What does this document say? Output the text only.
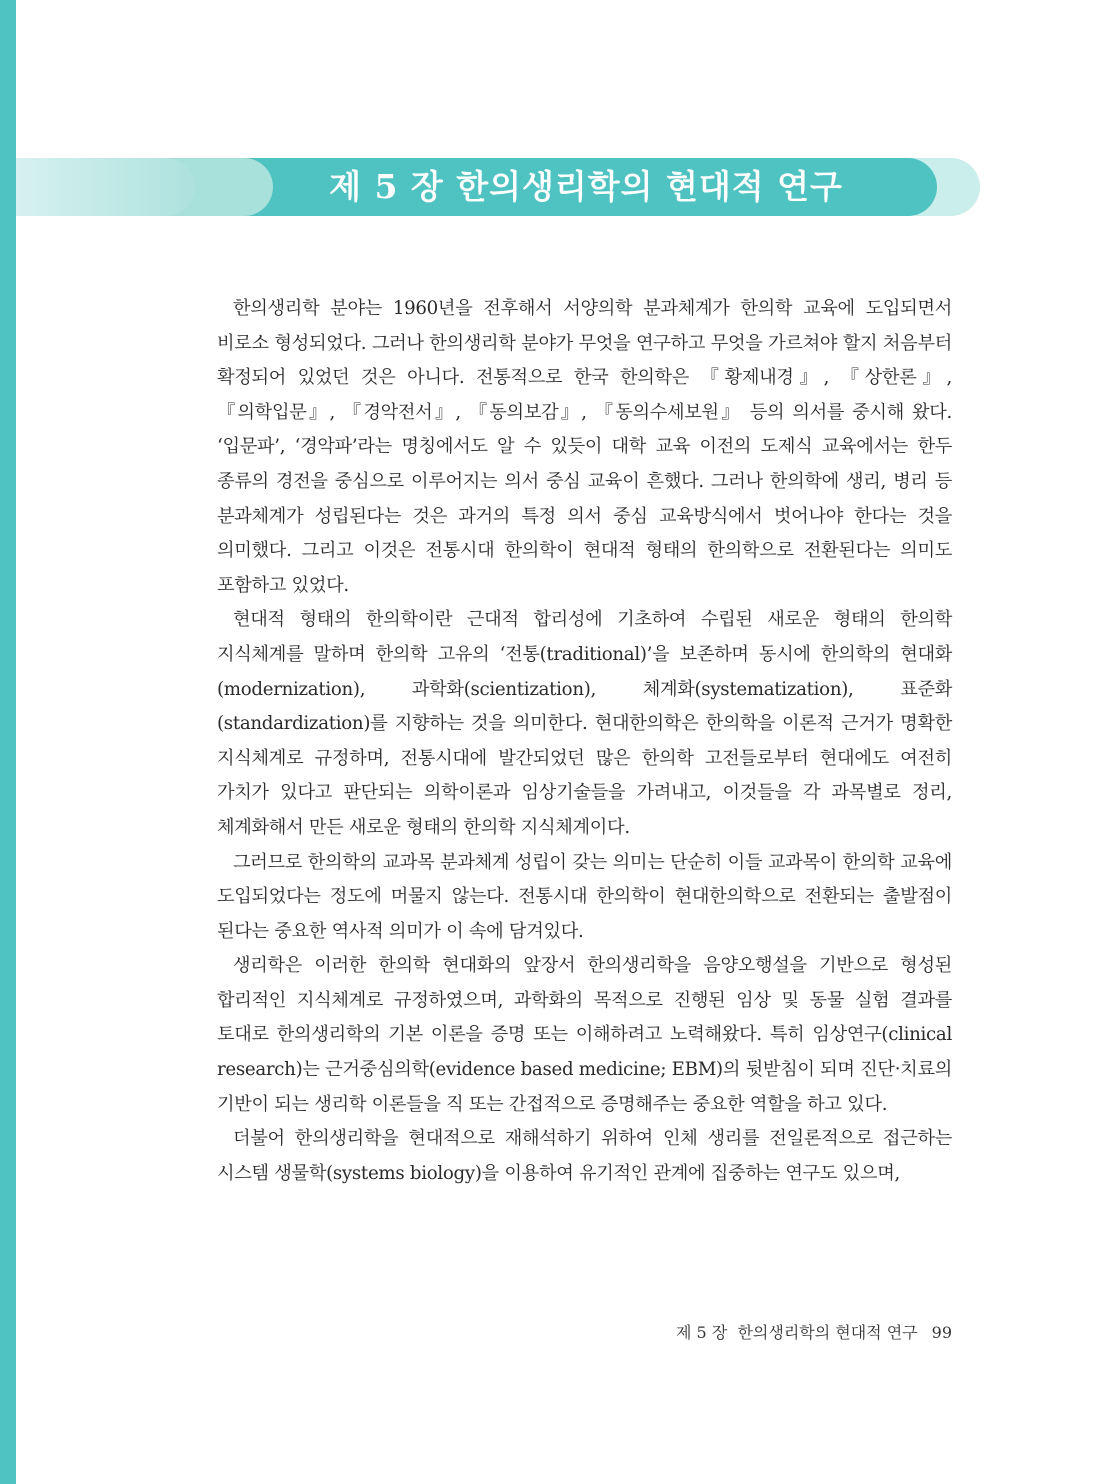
제 5 장 한의생리학의 현대적 연구

한의생리학 분야는 1960년을 전후해서 서양의학 분과체계가 한의학 교육에 도입되면서 비로소 형성되었다. 그러나 한의생리학 분야가 무엇을 연구하고 무엇을 가르쳐야 할지 처음부터 확정되어 있었던 것은 아니다. 전통적으로 한국 한의학은 『황제내경』, 『상한론』, 『의학입문』, 『경악전서』, 『동의보감』, 『동의수세보원』 등의 의서를 중시해 왔다. ‘입문파’, ‘경악파’라는 명칭에서도 알 수 있듯이 대학 교육 이전의 도제식 교육에서는 한두 종류의 경전을 중심으로 이루어지는 의서 중심 교육이 흔했다. 그러나 한의학에 생리, 병리 등 분과체계가 성립된다는 것은 과거의 특정 의서 중심 교육방식에서 벗어나야 한다는 것을 의미했다. 그리고 이것은 전통시대 한의학이 현대적 형태의 한의학으로 전환된다는 의미도 포함하고 있었다.

현대적 형태의 한의학이란 근대적 합리성에 기초하여 수립된 새로운 형태의 한의학 지식체계를 말하며 한의학 고유의 ‘전통(traditional)’을 보존하며 동시에 한의학의 현대화(modernization), 과학화(scientization), 체계화(systematization), 표준화(standardization)를 지향하는 것을 의미한다. 현대한의학은 한의학을 이론적 근거가 명확한 지식체계로 규정하며, 전통시대에 발간되었던 많은 한의학 고전들로부터 현대에도 여전히 가치가 있다고 판단되는 의학이론과 임상기술들을 가려내고, 이것들을 각 과목별로 정리, 체계화해서 만든 새로운 형태의 한의학 지식체계이다.

그러므로 한의학의 교과목 분과체계 성립이 갖는 의미는 단순히 이들 교과목이 한의학 교육에 도입되었다는 정도에 머물지 않는다. 전통시대 한의학이 현대한의학으로 전환되는 출발점이 된다는 중요한 역사적 의미가 이 속에 담겨있다.

생리학은 이러한 한의학 현대화의 앞장서 한의생리학을 음양오행설을 기반으로 형성된 합리적인 지식체계로 규정하였으며, 과학화의 목적으로 진행된 임상 및 동물 실험 결과를 토대로 한의생리학의 기본 이론을 증명 또는 이해하려고 노력해왔다. 특히 임상연구(clinical research)는 근거중심의학(evidence based medicine; EBM)의 뒷받침이 되며 진단·치료의 기반이 되는 생리학 이론들을 직 또는 간접적으로 증명해주는 중요한 역할을 하고 있다.

더불어 한의생리학을 현대적으로 재해석하기 위하여 인체 생리를 전일론적으로 접근하는 시스템 생물학(systems biology)을 이용하여 유기적인 관계에 집중하는 연구도 있으며,

제 5 장  한의생리학의 현대적 연구 99
